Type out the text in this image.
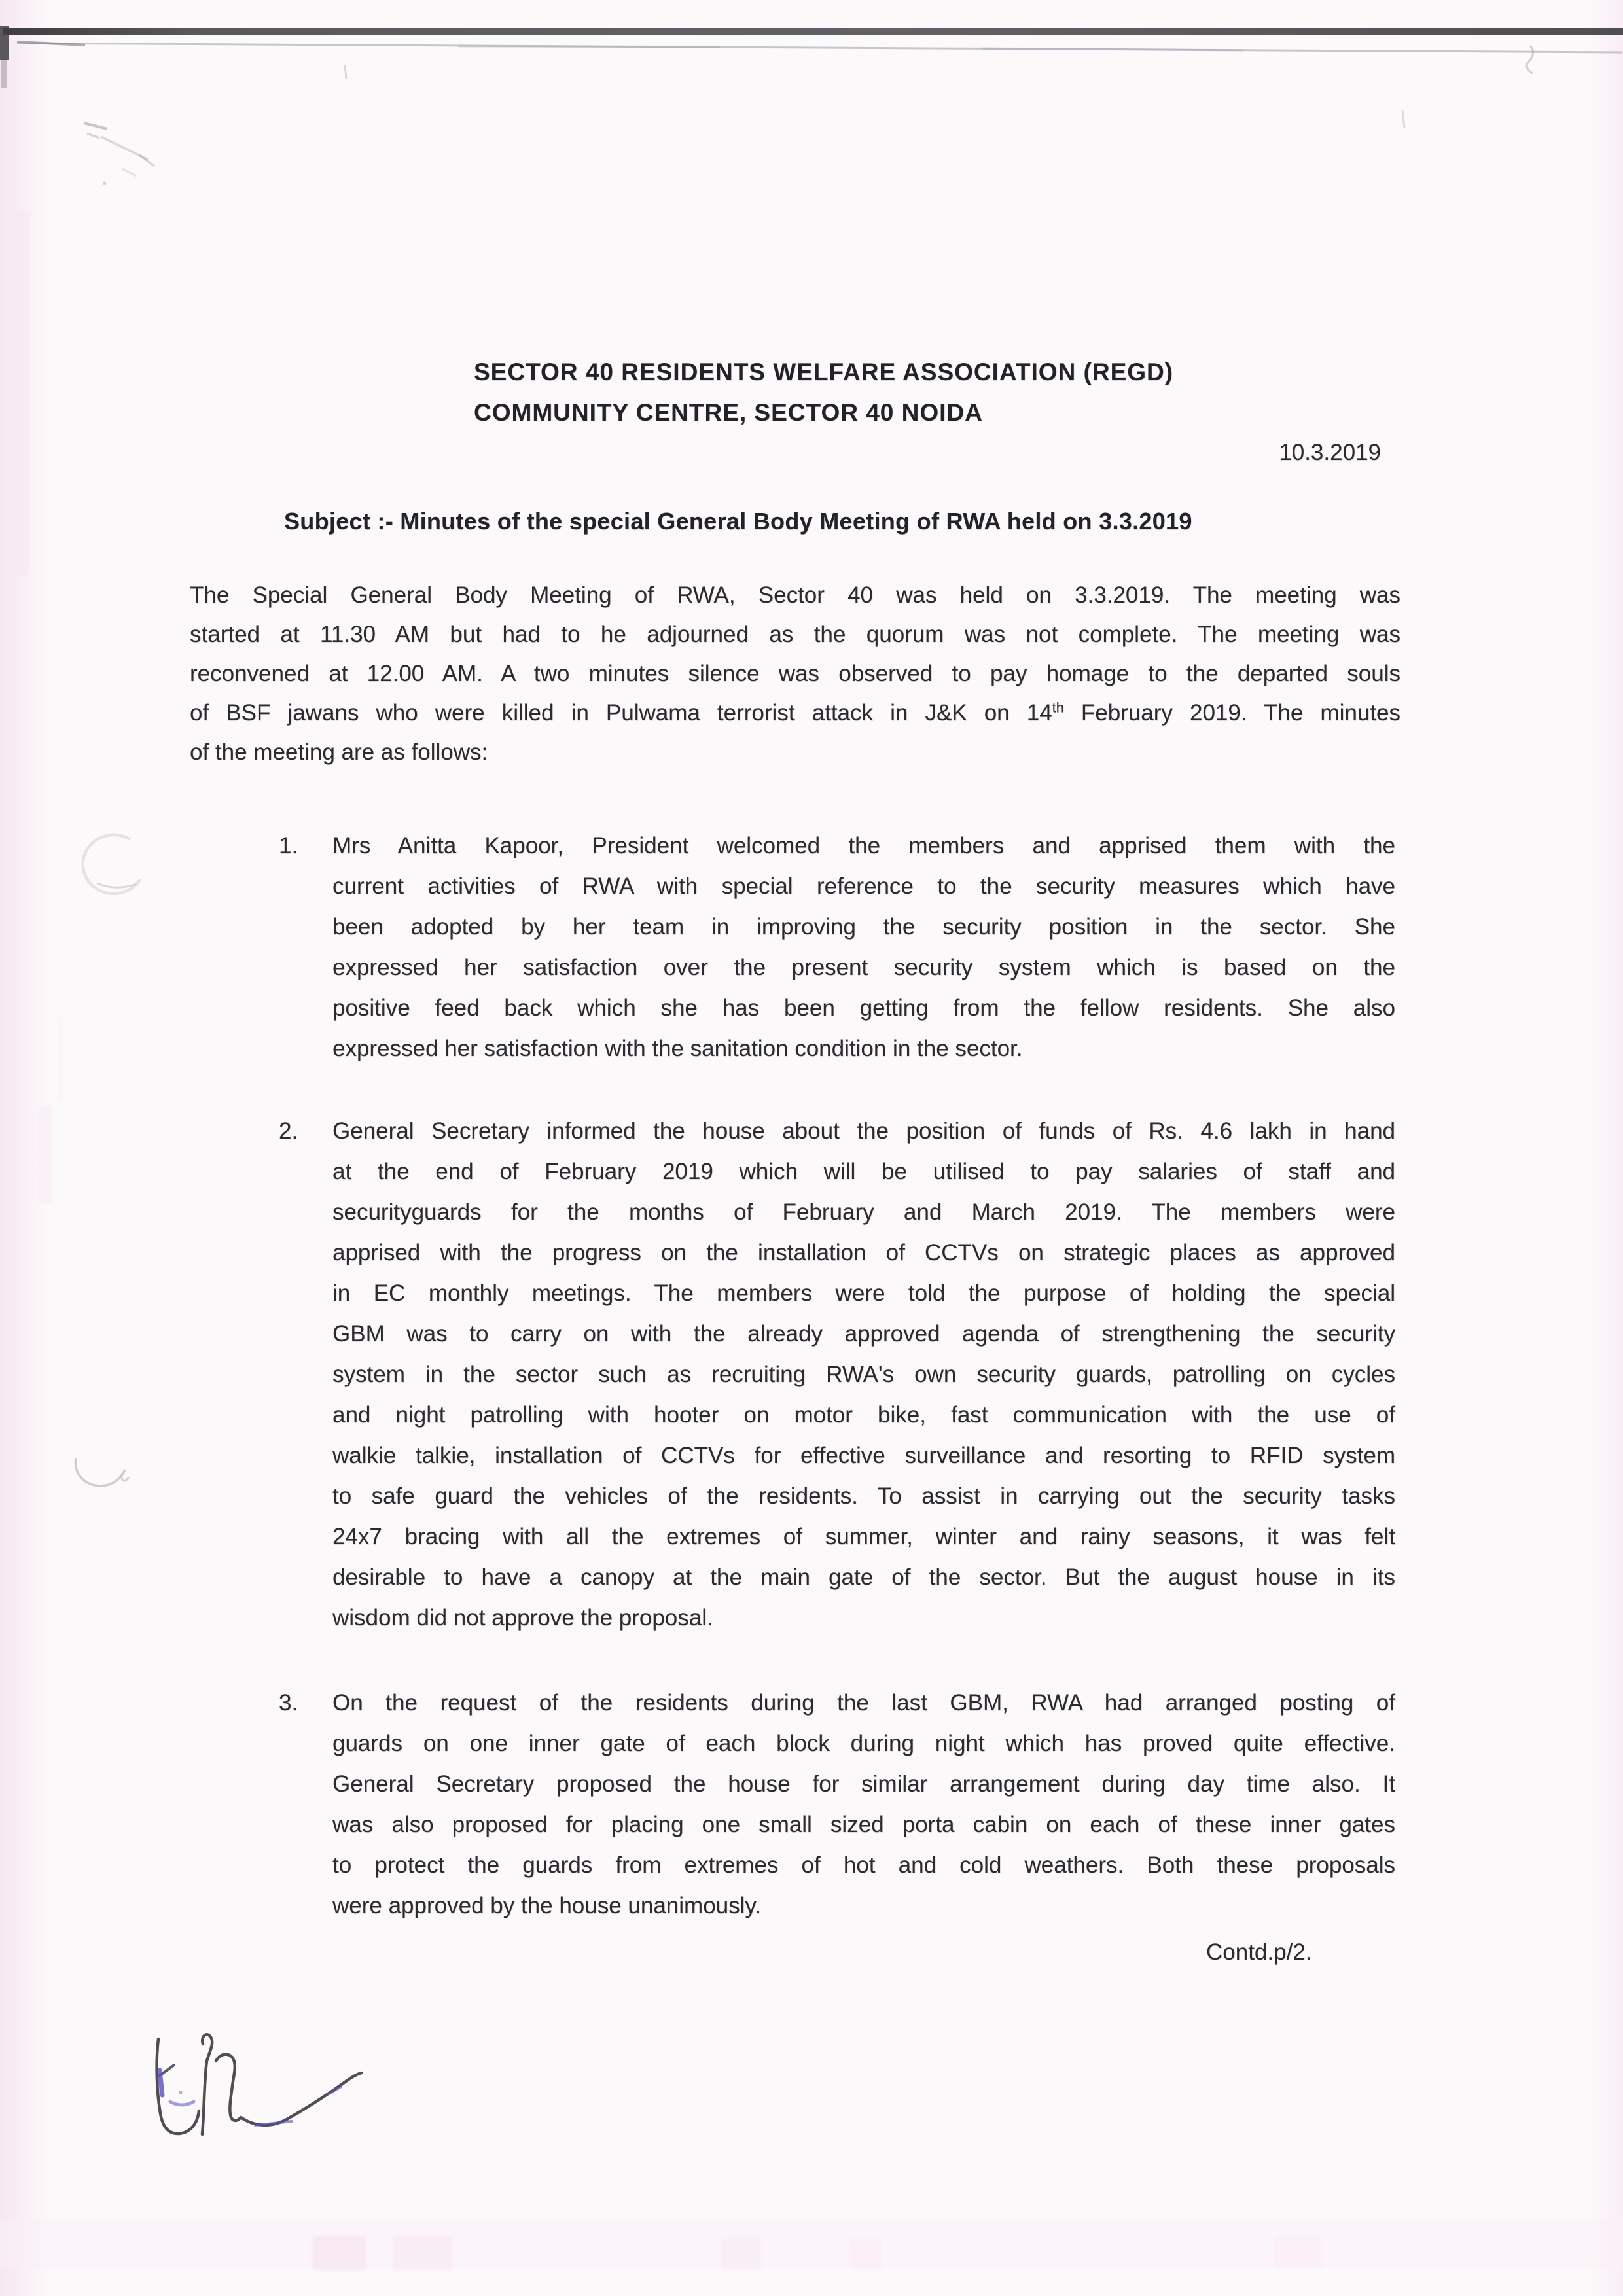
SECTOR 40 RESIDENTS WELFARE ASSOCIATION (REGD)
COMMUNITY CENTRE, SECTOR 40 NOIDA
10.3.2019
Subject :- Minutes of the special General Body Meeting of RWA held on 3.3.2019
The Special General Body Meeting of RWA, Sector 40 was held on 3.3.2019. The meeting was
started at 11.30 AM but had to he adjourned as the quorum was not complete. The meeting was
reconvened at 12.00 AM. A two minutes silence was observed to pay homage to the departed souls
of BSF jawans who were killed in Pulwama terrorist attack in J&K on 14th February 2019. The minutes
of the meeting are as follows:
1. Mrs Anitta Kapoor, President welcomed the members and apprised them with the
current activities of RWA with special reference to the security measures which have
been adopted by her team in improving the security position in the sector. She
expressed her satisfaction over the present security system which is based on the
positive feed back which she has been getting from the fellow residents. She also
expressed her satisfaction with the sanitation condition in the sector.
2. General Secretary informed the house about the position of funds of Rs. 4.6 lakh in hand
at the end of February 2019 which will be utilised to pay salaries of staff and
securityguards for the months of February and March 2019. The members were
apprised with the progress on the installation of CCTVs on strategic places as approved
in EC monthly meetings. The members were told the purpose of holding the special
GBM was to carry on with the already approved agenda of strengthening the security
system in the sector such as recruiting RWA's own security guards, patrolling on cycles
and night patrolling with hooter on motor bike, fast communication with the use of
walkie talkie, installation of CCTVs for effective surveillance and resorting to RFID system
to safe guard the vehicles of the residents. To assist in carrying out the security tasks
24x7 bracing with all the extremes of summer, winter and rainy seasons, it was felt
desirable to have a canopy at the main gate of the sector. But the august house in its
wisdom did not approve the proposal.
3. On the request of the residents during the last GBM, RWA had arranged posting of
guards on one inner gate of each block during night which has proved quite effective.
General Secretary proposed the house for similar arrangement during day time also. It
was also proposed for placing one small sized porta cabin on each of these inner gates
to protect the guards from extremes of hot and cold weathers. Both these proposals
were approved by the house unanimously.
Contd.p/2.
